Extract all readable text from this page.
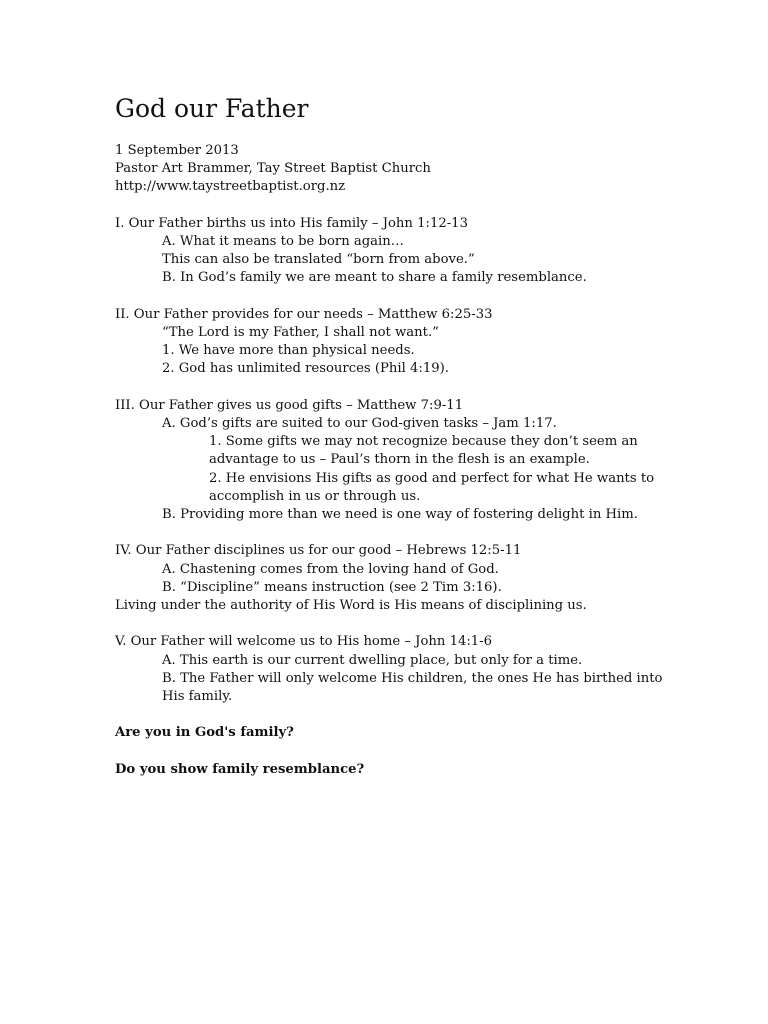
God our Father
1 September 2013
Pastor Art Brammer, Tay Street Baptist Church
http://www.taystreetbaptist.org.nz
I. Our Father births us into His family – John 1:12-13
A. What it means to be born again…
This can also be translated “born from above.”
B. In God’s family we are meant to share a family resemblance.
II. Our Father provides for our needs – Matthew 6:25-33
“The Lord is my Father, I shall not want.”
1. We have more than physical needs.
2. God has unlimited resources (Phil 4:19).
III. Our Father gives us good gifts – Matthew 7:9-11
A. God’s gifts are suited to our God-given tasks – Jam 1:17.
1. Some gifts we may not recognize because they don’t seem an
advantage to us – Paul’s thorn in the flesh is an example.
2. He envisions His gifts as good and perfect for what He wants to
accomplish in us or through us.
B. Providing more than we need is one way of fostering delight in Him.
IV. Our Father disciplines us for our good – Hebrews 12:5-11
A. Chastening comes from the loving hand of God.
B. “Discipline” means instruction (see 2 Tim 3:16).
Living under the authority of His Word is His means of disciplining us.
V. Our Father will welcome us to His home – John 14:1-6
A. This earth is our current dwelling place, but only for a time.
B. The Father will only welcome His children, the ones He has birthed into
His family.
Are you in God's family?
Do you show family resemblance?
